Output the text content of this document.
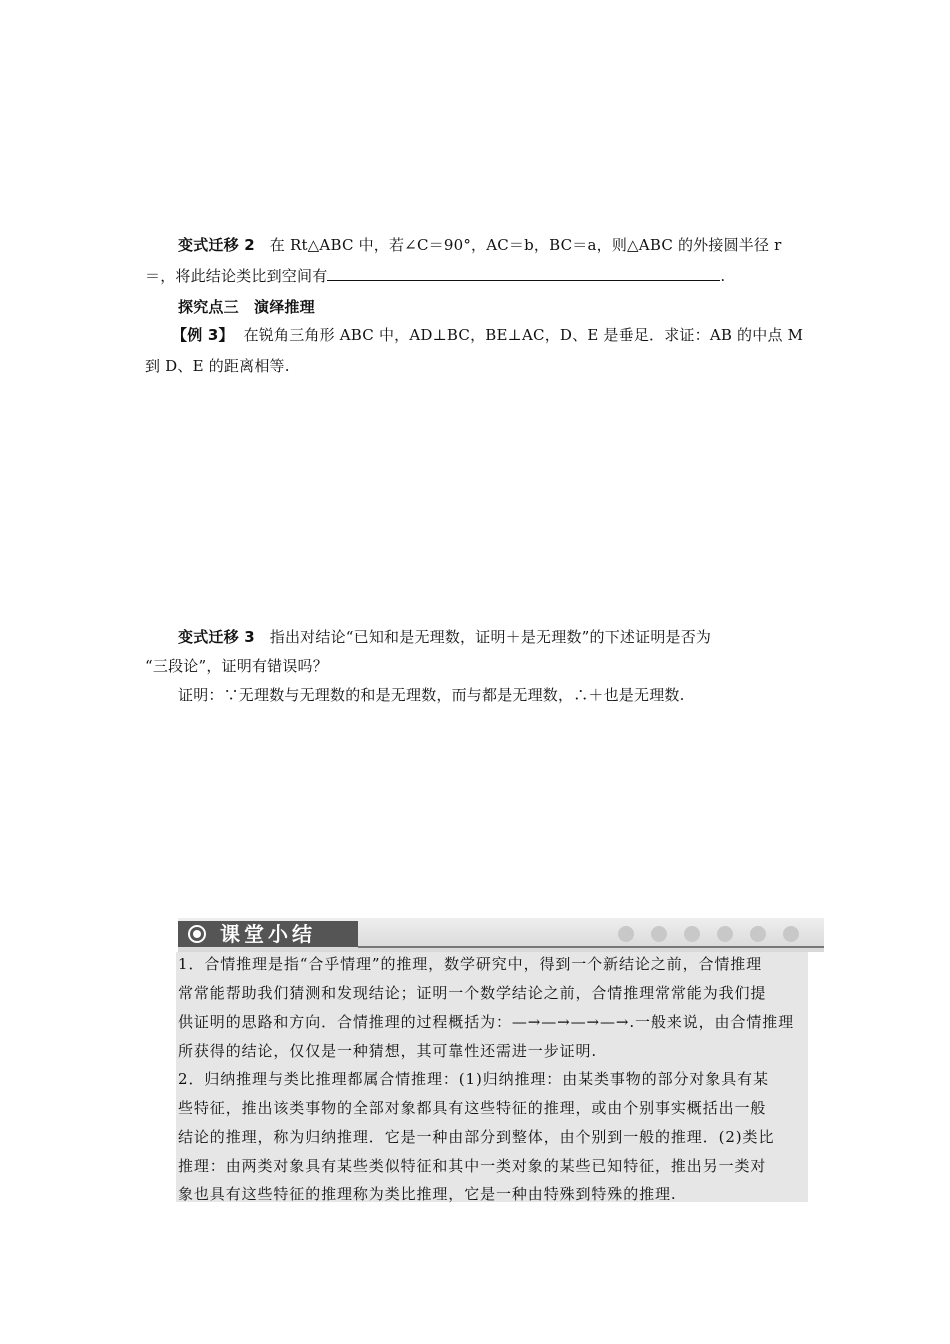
变式迁移 2 在 Rt△ABC 中，若∠C＝90°，AC＝b，BC＝a，则△ABC 的外接圆半径 r
＝，将此结论类比到空间有	.
探究点三　演绎推理
【例 3】 在锐角三角形 ABC 中，AD⊥BC，BE⊥AC，D、E 是垂足．求证：AB 的中点 M
到 D、E 的距离相等.
变式迁移 3 指出对结论“已知和是无理数，证明＋是无理数”的下述证明是否为
“三段论”，证明有错误吗？
证明：∵无理数与无理数的和是无理数，而与都是无理数，∴＋也是无理数.
课堂小结
1．合情推理是指“合乎情理”的推理，数学研究中，得到一个新结论之前，合情推理
常常能帮助我们猜测和发现结论；证明一个数学结论之前，合情推理常常能为我们提
供证明的思路和方向．合情推理的过程概括为：—→—→—→—→.一般来说，由合情推理
所获得的结论，仅仅是一种猜想，其可靠性还需进一步证明.
2．归纳推理与类比推理都属合情推理：(1)归纳推理：由某类事物的部分对象具有某
些特征，推出该类事物的全部对象都具有这些特征的推理，或由个别事实概括出一般
结论的推理，称为归纳推理．它是一种由部分到整体，由个别到一般的推理．(2)类比
推理：由两类对象具有某些类似特征和其中一类对象的某些已知特征，推出另一类对
象也具有这些特征的推理称为类比推理，它是一种由特殊到特殊的推理.
